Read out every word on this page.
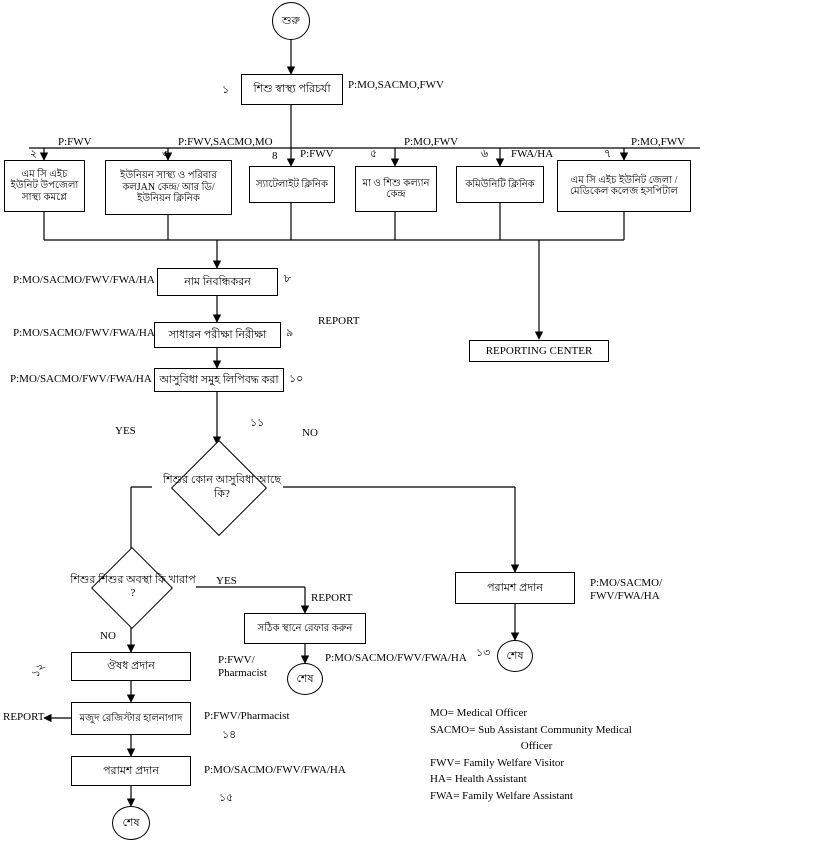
শুরু
শিশু স্বাস্থ্য পরিচর্যা
এম সি এইচ ইউনিট উপজেলা সাস্থ্য কমপ্লে
ইউনিয়ন সাস্থ্য ও পরিবার কলJAN কেন্দ্র/ আর ডি/ ইউনিয়ন ক্লিনিক
স্যাটেলাইট ক্লিনিক	মা ও শিশু কল্যান কেন্দ্র
কমিউনিটি ক্লিনিক	এম সি এইচ ইউনিট জেলা / মেডিকেল কলেজ হসপিটাল
নাম নিবন্ধিকরন
সাধারন পরীক্ষা নিরীক্ষা
আসুবিধা সমুহ লিপিবদ্ধ করা
REPORTING CENTER
শিশুর কোন আসুবিধা আছে কি?
শিশুর শিশুর অবস্থা কি খারাপ ?
সঠিক স্থানে রেফার করুন
পরামশ প্রদান
ঔষধ প্রদান
মজুদ রেজিস্টার হালনাগাদ
পরামশ প্রদান
শেষ
শেষ
শেষ
১
২	৩	8	৫	৬	৭
৮
৯
১০
১১
১২
১৩
১৪
১৫
P:MO,SACMO,FWV
P:FWV	P:FWV,SACMO,MO
P:FWV
P:MO,FWV
FWA/HA
P:MO,FWV
P:MO/SACMO/FWV/FWA/HA
P:MO/SACMO/FWV/FWA/HA
P:MO/SACMO/FWV/FWA/HA
P:MO/SACMO/ FWV/FWA/HA
P:MO/SACMO/FWV/FWA/HA
P:FWV/ Pharmacist
P:FWV/Pharmacist
P:MO/SACMO/FWV/FWA/HA
REPORT
YES	NO
YES
NO
REPORT
REPORT	MO= Medical Officer
SACMO= Sub Assistant Community Medical
Officer
FWV= Family Welfare Visitor
HA= Health Assistant
FWA= Family Welfare Assistant
